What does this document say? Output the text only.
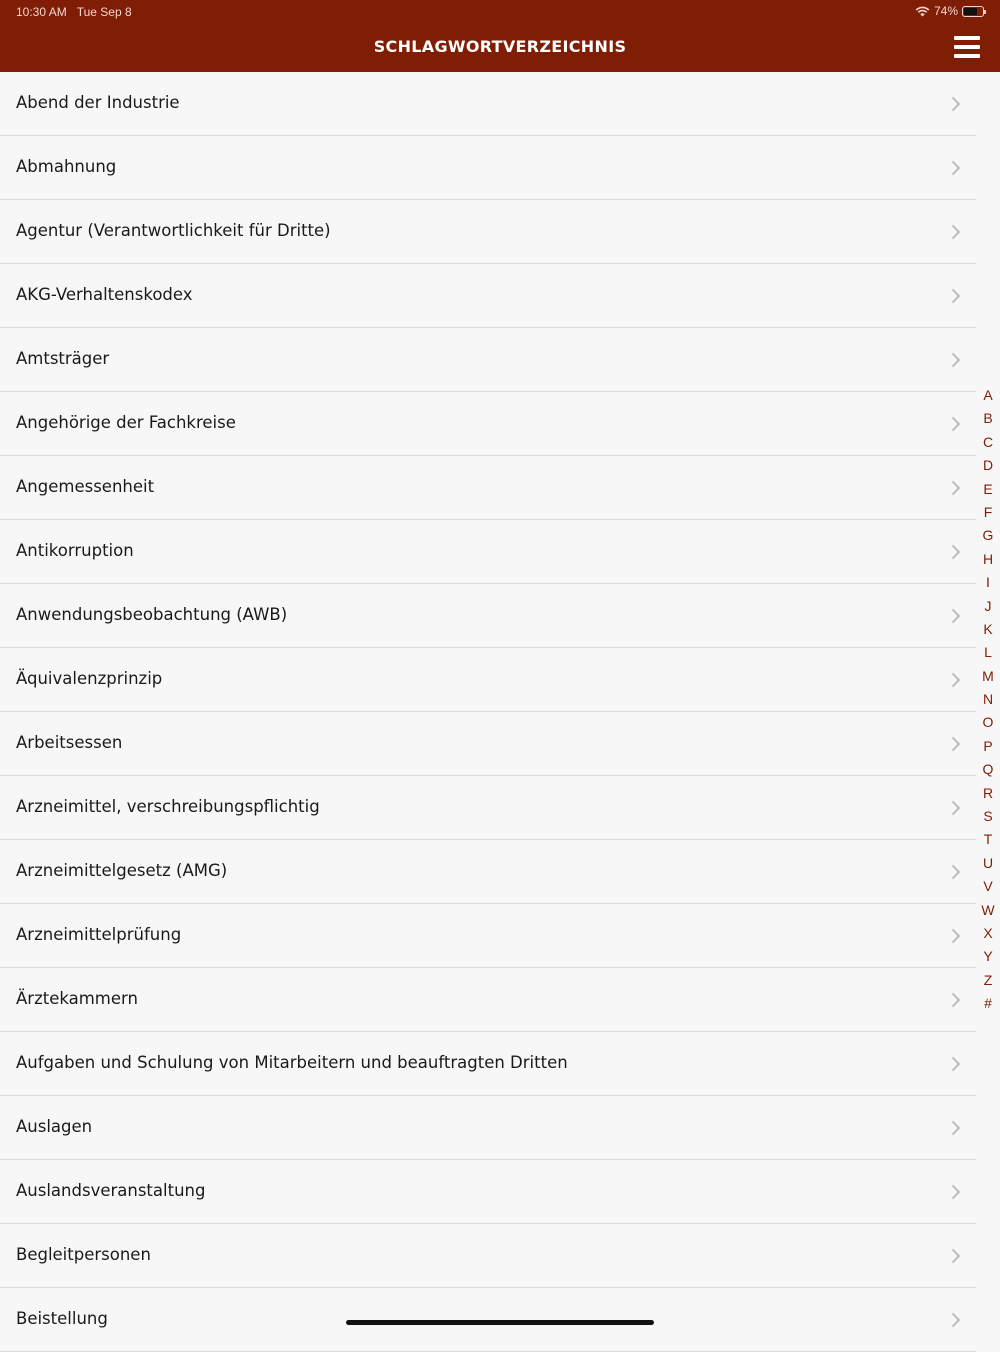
10:30 AM Tue Sep 8	74%
SCHLAGWORTVERZEICHNIS
Abend der Industrie
Abmahnung
Agentur (Verantwortlichkeit für Dritte)
AKG-Verhaltenskodex
Amtsträger
Angehörige der Fachkreise
Angemessenheit
Antikorruption
Anwendungsbeobachtung (AWB)
Äquivalenzprinzip
Arbeitsessen
Arzneimittel, verschreibungspflichtig
Arzneimittelgesetz (AMG)
Arzneimittelprüfung
Ärztekammern
Aufgaben und Schulung von Mitarbeitern und beauftragten Dritten
Auslagen
Auslandsveranstaltung
Begleitpersonen
Beistellung
A
B
C
D
E
F
G
H
I
J
K
L
M
N
O
P
Q
R
S
T
U
V
W
X
Y
Z
#
